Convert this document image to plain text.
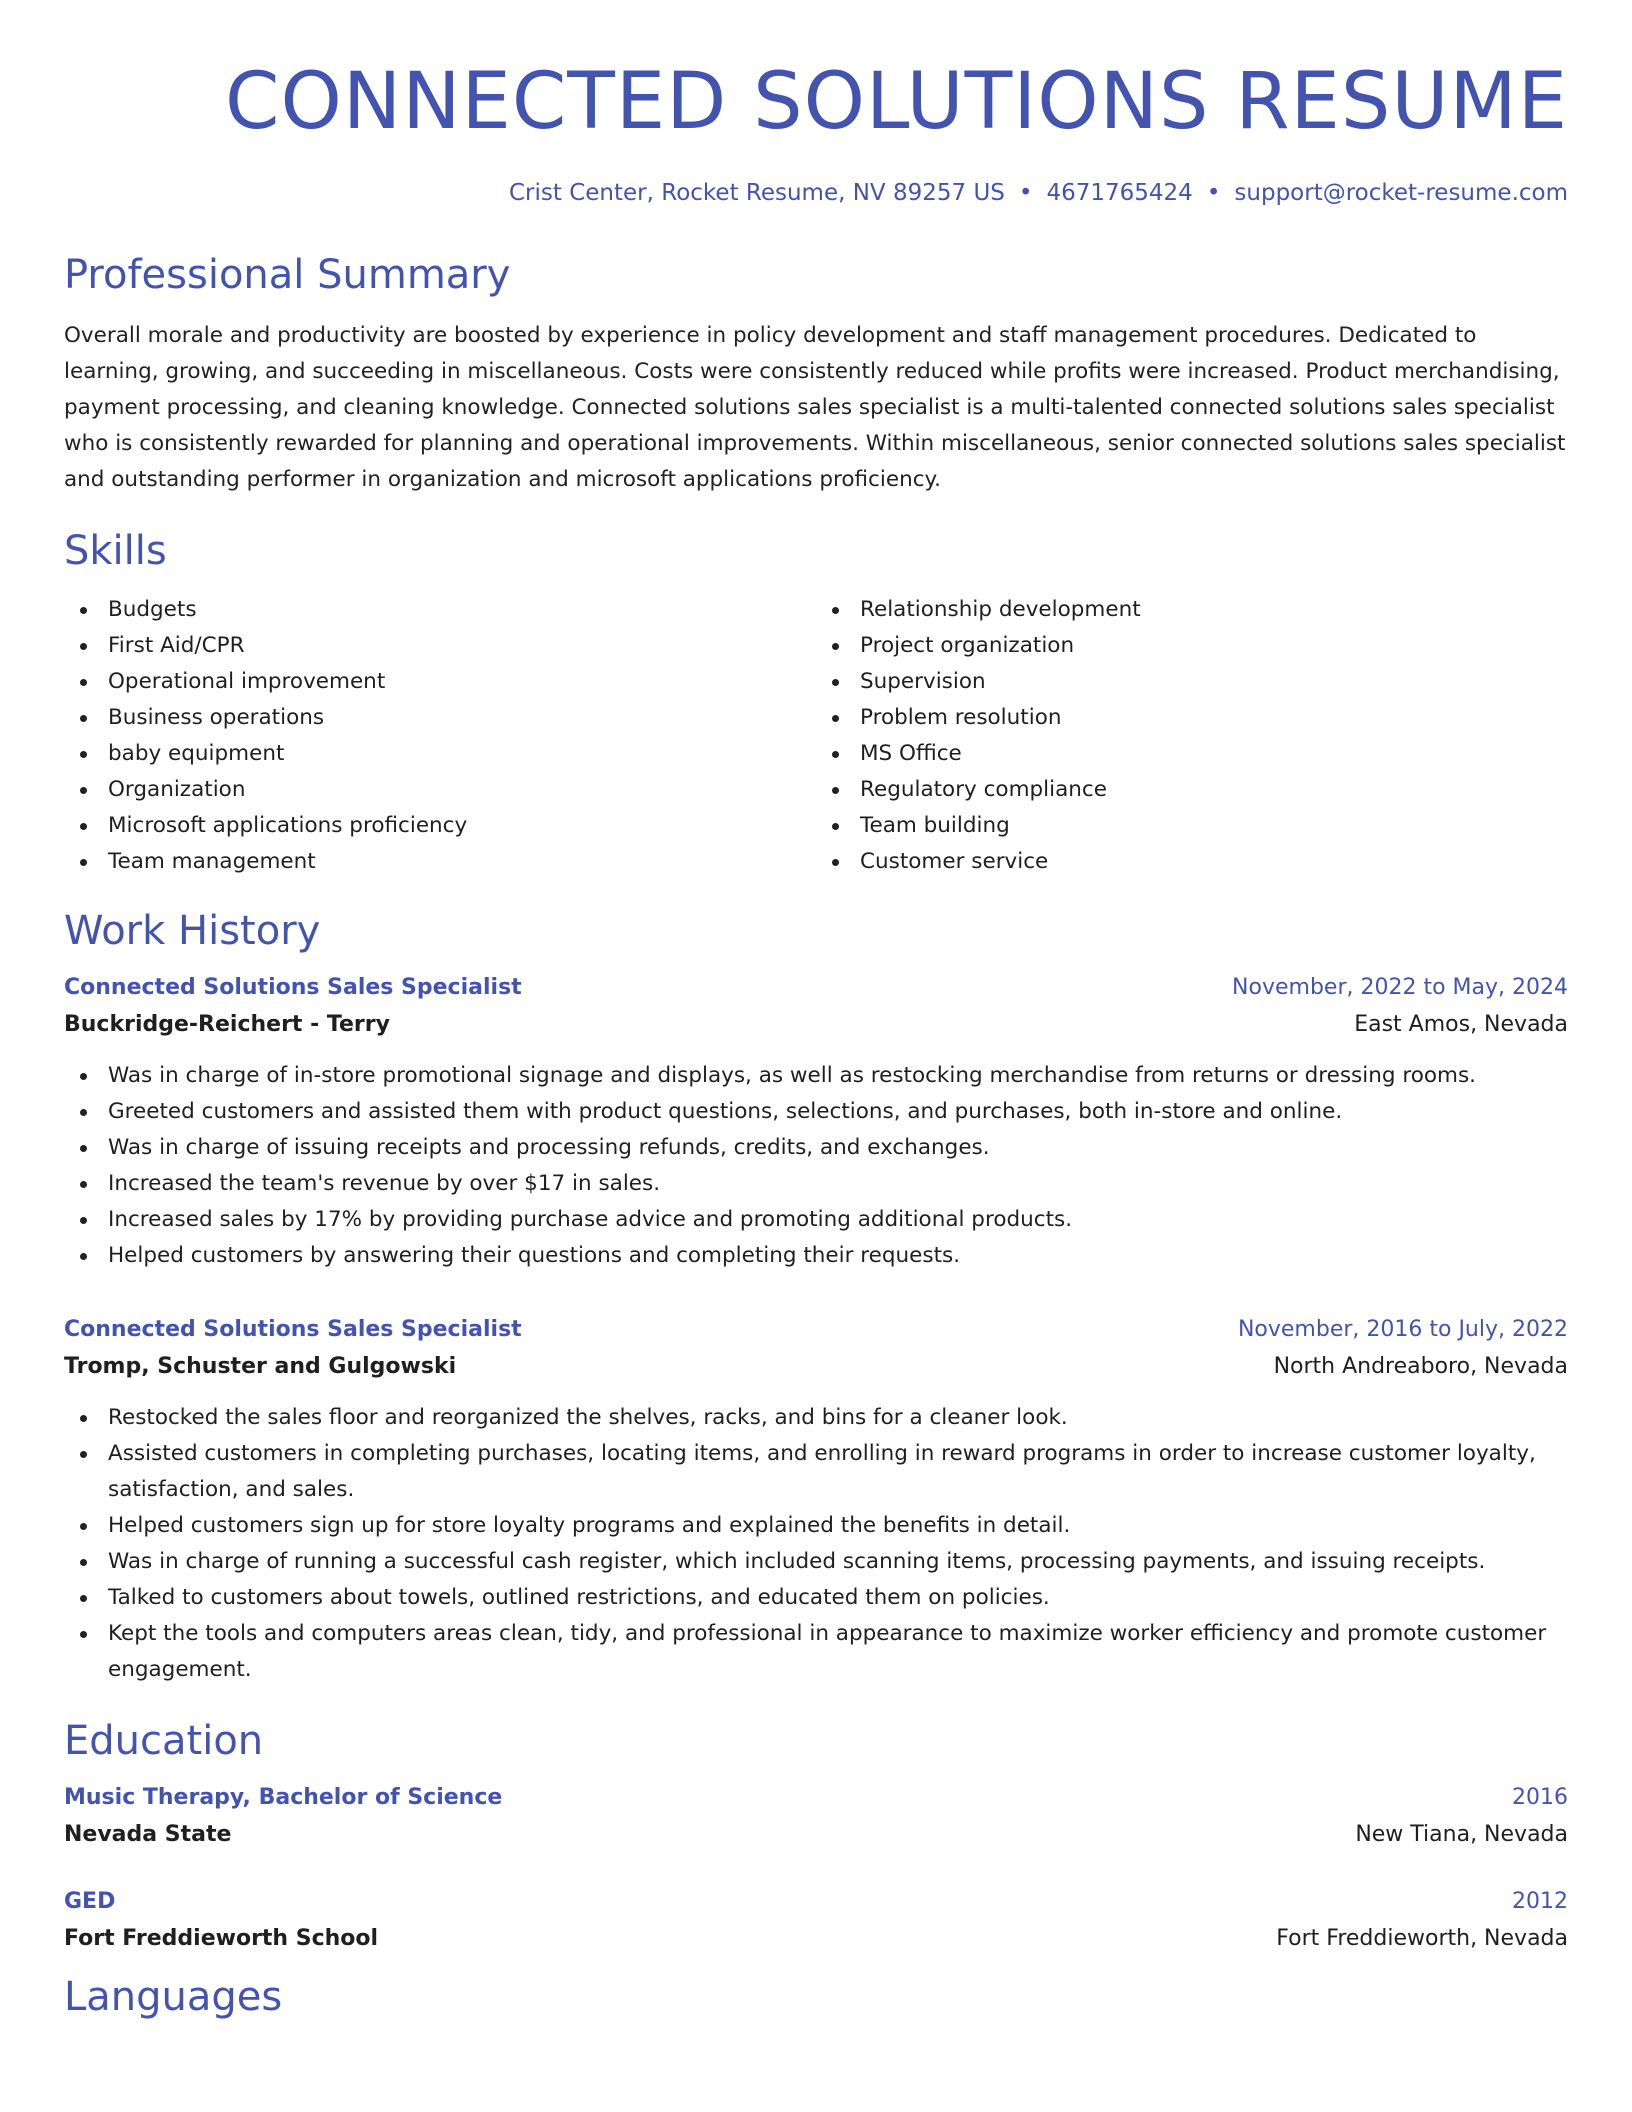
CONNECTED SOLUTIONS RESUME
Crist Center, Rocket Resume, NV 89257 US • 4671765424 • support@rocket-resume.com
Professional Summary
Overall morale and productivity are boosted by experience in policy development and staff management procedures. Dedicated to learning, growing, and succeeding in miscellaneous. Costs were consistently reduced while profits were increased. Product merchandising, payment processing, and cleaning knowledge. Connected solutions sales specialist is a multi-talented connected solutions sales specialist who is consistently rewarded for planning and operational improvements. Within miscellaneous, senior connected solutions sales specialist and outstanding performer in organization and microsoft applications proficiency.
Skills
Budgets
First Aid/CPR
Operational improvement
Business operations
baby equipment
Organization
Microsoft applications proficiency
Team management
Relationship development
Project organization
Supervision
Problem resolution
MS Office
Regulatory compliance
Team building
Customer service
Work History
Connected Solutions Sales Specialist	November, 2022 to May, 2024
Buckridge-Reichert - Terry	East Amos, Nevada
Was in charge of in-store promotional signage and displays, as well as restocking merchandise from returns or dressing rooms.
Greeted customers and assisted them with product questions, selections, and purchases, both in-store and online.
Was in charge of issuing receipts and processing refunds, credits, and exchanges.
Increased the team's revenue by over $17 in sales.
Increased sales by 17% by providing purchase advice and promoting additional products.
Helped customers by answering their questions and completing their requests.
Connected Solutions Sales Specialist	November, 2016 to July, 2022
Tromp, Schuster and Gulgowski	North Andreaboro, Nevada
Restocked the sales floor and reorganized the shelves, racks, and bins for a cleaner look.
Assisted customers in completing purchases, locating items, and enrolling in reward programs in order to increase customer loyalty, satisfaction, and sales.
Helped customers sign up for store loyalty programs and explained the benefits in detail.
Was in charge of running a successful cash register, which included scanning items, processing payments, and issuing receipts.
Talked to customers about towels, outlined restrictions, and educated them on policies.
Kept the tools and computers areas clean, tidy, and professional in appearance to maximize worker efficiency and promote customer engagement.
Education
Music Therapy, Bachelor of Science	2016
Nevada State	New Tiana, Nevada
GED	2012
Fort Freddieworth School	Fort Freddieworth, Nevada
Languages
